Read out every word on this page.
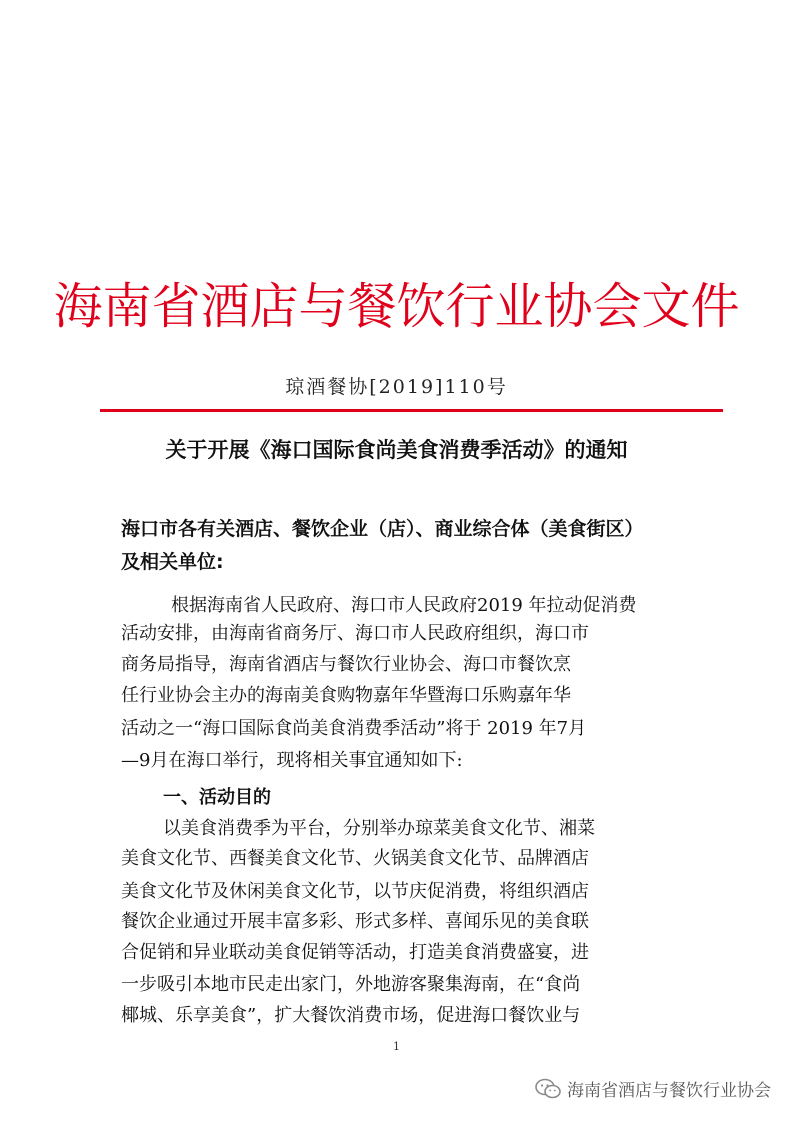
海南省酒店与餐饮行业协会文件
琼酒餐协[2019]110号
关于开展《海口国际食尚美食消费季活动》的通知
海口市各有关酒店、餐饮企业（店）、商业综合体（美食街区）
及相关单位:
根据海南省人民政府、海口市人民政府2019 年拉动促消费
活动安排，由海南省商务厅、海口市人民政府组织，海口市
商务局指导，海南省酒店与餐饮行业协会、海口市餐饮烹
任行业协会主办的海南美食购物嘉年华暨海口乐购嘉年华
活动之一“海口国际食尚美食消费季活动”将于 2019 年7月
—9月在海口举行，现将相关事宜通知如下:
一、活动目的
以美食消费季为平台，分别举办琼菜美食文化节、湘菜
美食文化节、西餐美食文化节、火锅美食文化节、品牌酒店
美食文化节及休闲美食文化节，以节庆促消费，将组织酒店
餐饮企业通过开展丰富多彩、形式多样、喜闻乐见的美食联
合促销和异业联动美食促销等活动，打造美食消费盛宴，进
一步吸引本地市民走出家门，外地游客聚集海南，在“食尚
椰城、乐享美食”，扩大餐饮消费市场，促进海口餐饮业与
1
海南省酒店与餐饮行业协会
